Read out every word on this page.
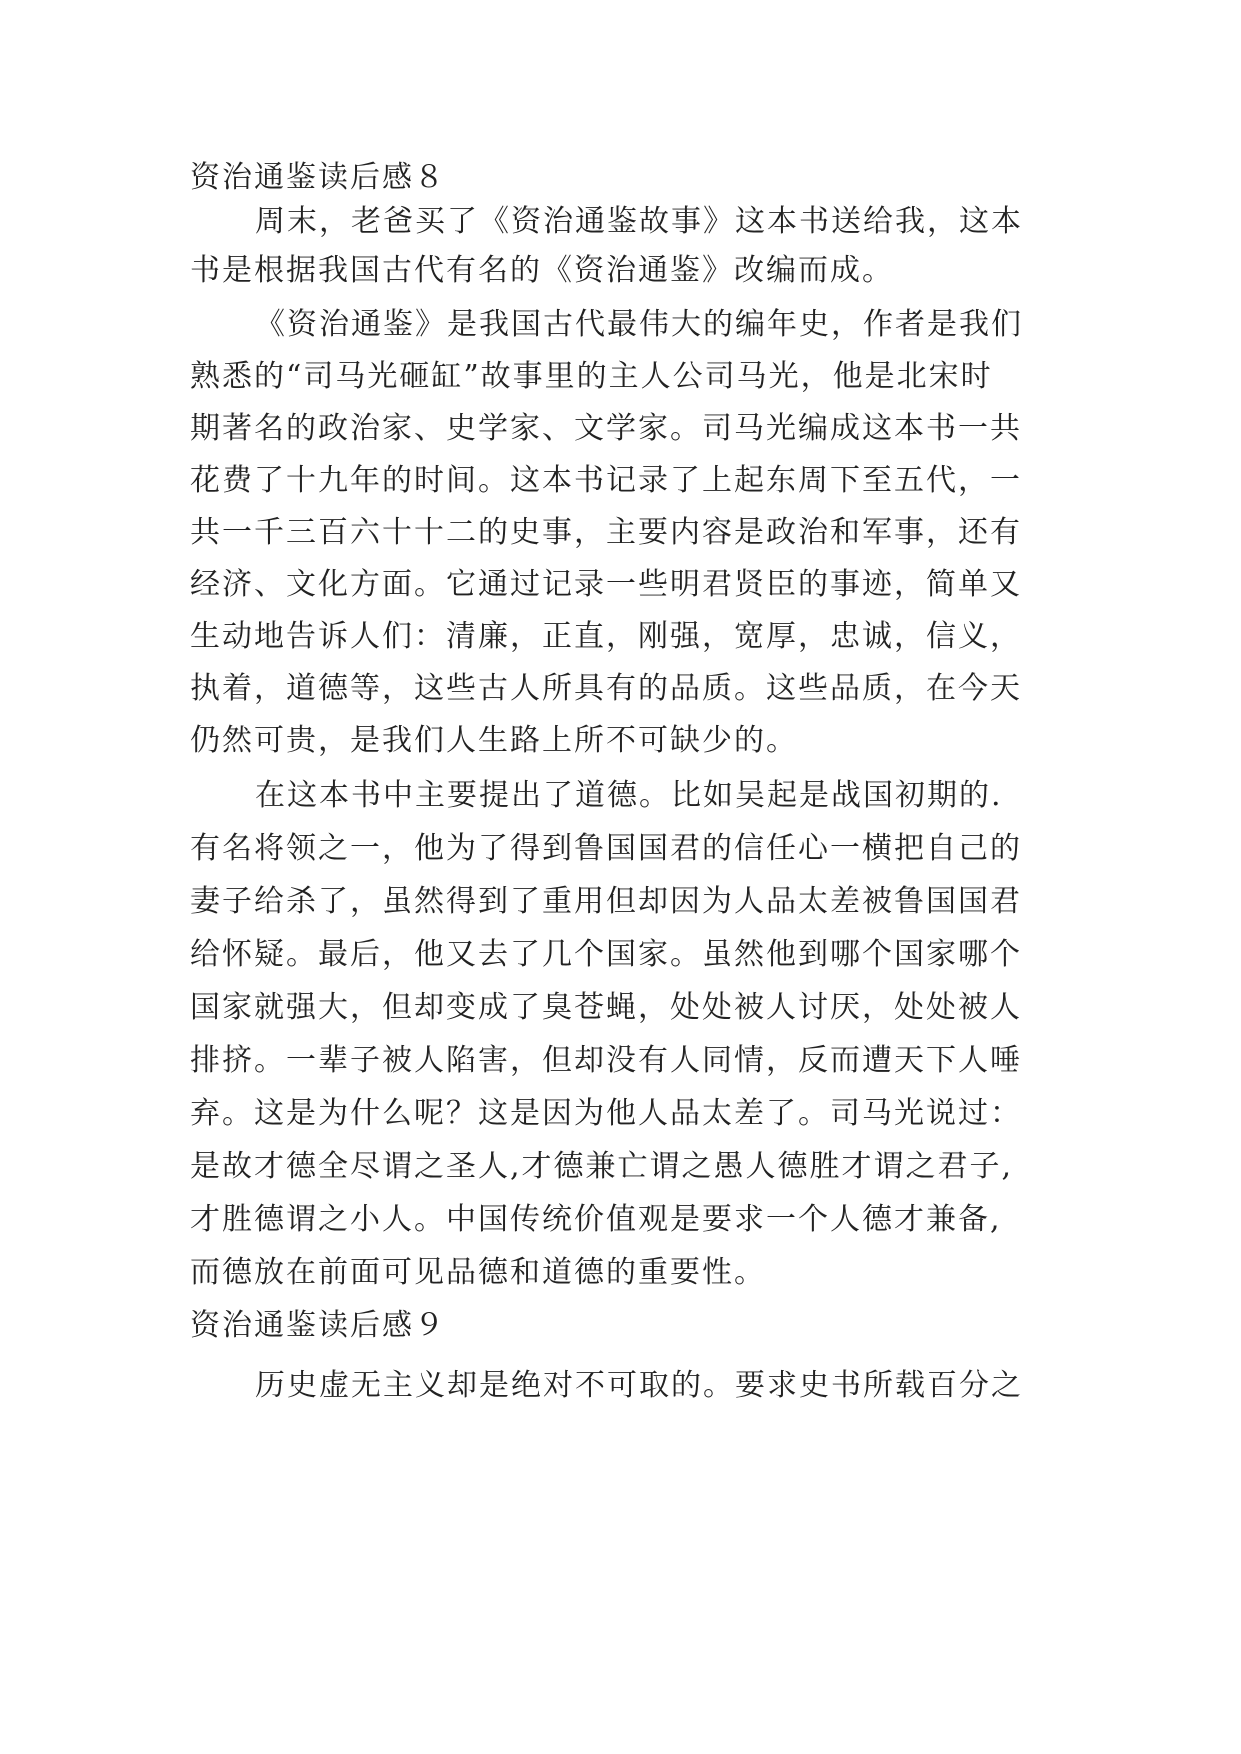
资治通鉴读后感８
周末，老爸买了《资治通鉴故事》这本书送给我，这本
书是根据我国古代有名的《资治通鉴》改编而成。
《资治通鉴》是我国古代最伟大的编年史，作者是我们
熟悉的“司马光砸缸”故事里的主人公司马光，他是北宋时
期著名的政治家、史学家、文学家。司马光编成这本书一共
花费了十九年的时间。这本书记录了上起东周下至五代，一
共一千三百六十十二的史事，主要内容是政治和军事，还有
经济、文化方面。它通过记录一些明君贤臣的事迹，简单又
生动地告诉人们：清廉，正直，刚强，宽厚，忠诚，信义，
执着，道德等，这些古人所具有的品质。这些品质，在今天
仍然可贵，是我们人生路上所不可缺少的。
在这本书中主要提出了道德。比如吴起是战国初期的.
有名将领之一，他为了得到鲁国国君的信任心一横把自己的
妻子给杀了，虽然得到了重用但却因为人品太差被鲁国国君
给怀疑。最后，他又去了几个国家。虽然他到哪个国家哪个
国家就强大，但却变成了臭苍蝇，处处被人讨厌，处处被人
排挤。一辈子被人陷害，但却没有人同情，反而遭天下人唾
弃。这是为什么呢？这是因为他人品太差了。司马光说过：
是故才德全尽谓之圣人,才德兼亡谓之愚人德胜才谓之君子,
才胜德谓之小人。中国传统价值观是要求一个人德才兼备,
而德放在前面可见品德和道德的重要性。
资治通鉴读后感９
历史虚无主义却是绝对不可取的。要求史书所载百分之
